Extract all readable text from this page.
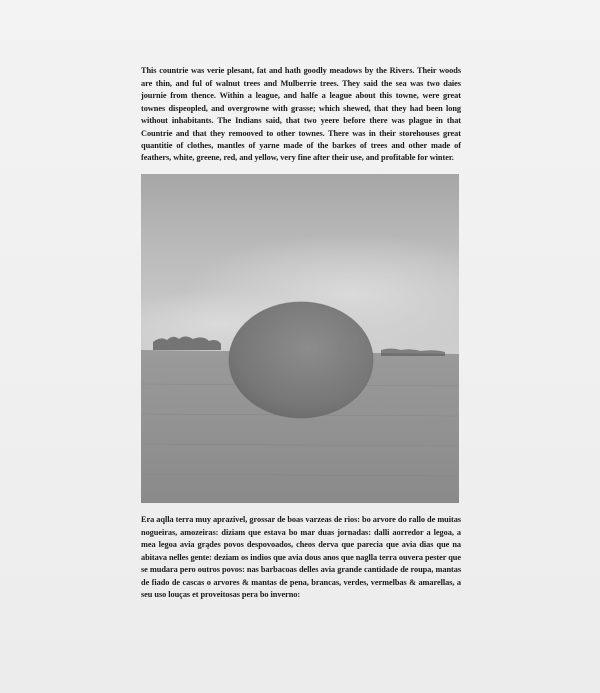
This countrie was verie plesant, fat and hath goodly meadows by the Rivers. Their woods are thin, and ful of walnut trees and Mulberrie trees. They said the sea was two daies journie from thence. Within a league, and halfe a league about this towne, were great townes dispeopled, and overgrowne with grasse; which shewed, that they had been long without inhabitants. The Indians said, that two yeere before there was plague in that Countrie and that they remooved to other townes. There was in their storehouses great quantitie of clothes, mantles of yarne made of the barkes of trees and other made of feathers, white, greene, red, and yellow, very fine after their use, and profitable for winter.

Era aqlla terra muy aprazivel, grossar de boas varzeas de rios: bo arvore do rallo de muitas nogueiras, amozeiras: diziam que estava bo mar duas jornadas: dalli aorredor a legoa, a mea legoa avia grądes povos despovoados, cheos derva que parecia que avia dias que na abitava nelles gente: deziam os indios que avia dous anos que naglla terra ouvera pester que se mudara pero outros povos: nas barbacoas delles avia grande cantidade de roupa, mantas de fiado de cascas o arvores & mantas de pena, brancas, verdes, vermelbas & amarellas, a seu uso louças et proveitosas pera bo inverno:
